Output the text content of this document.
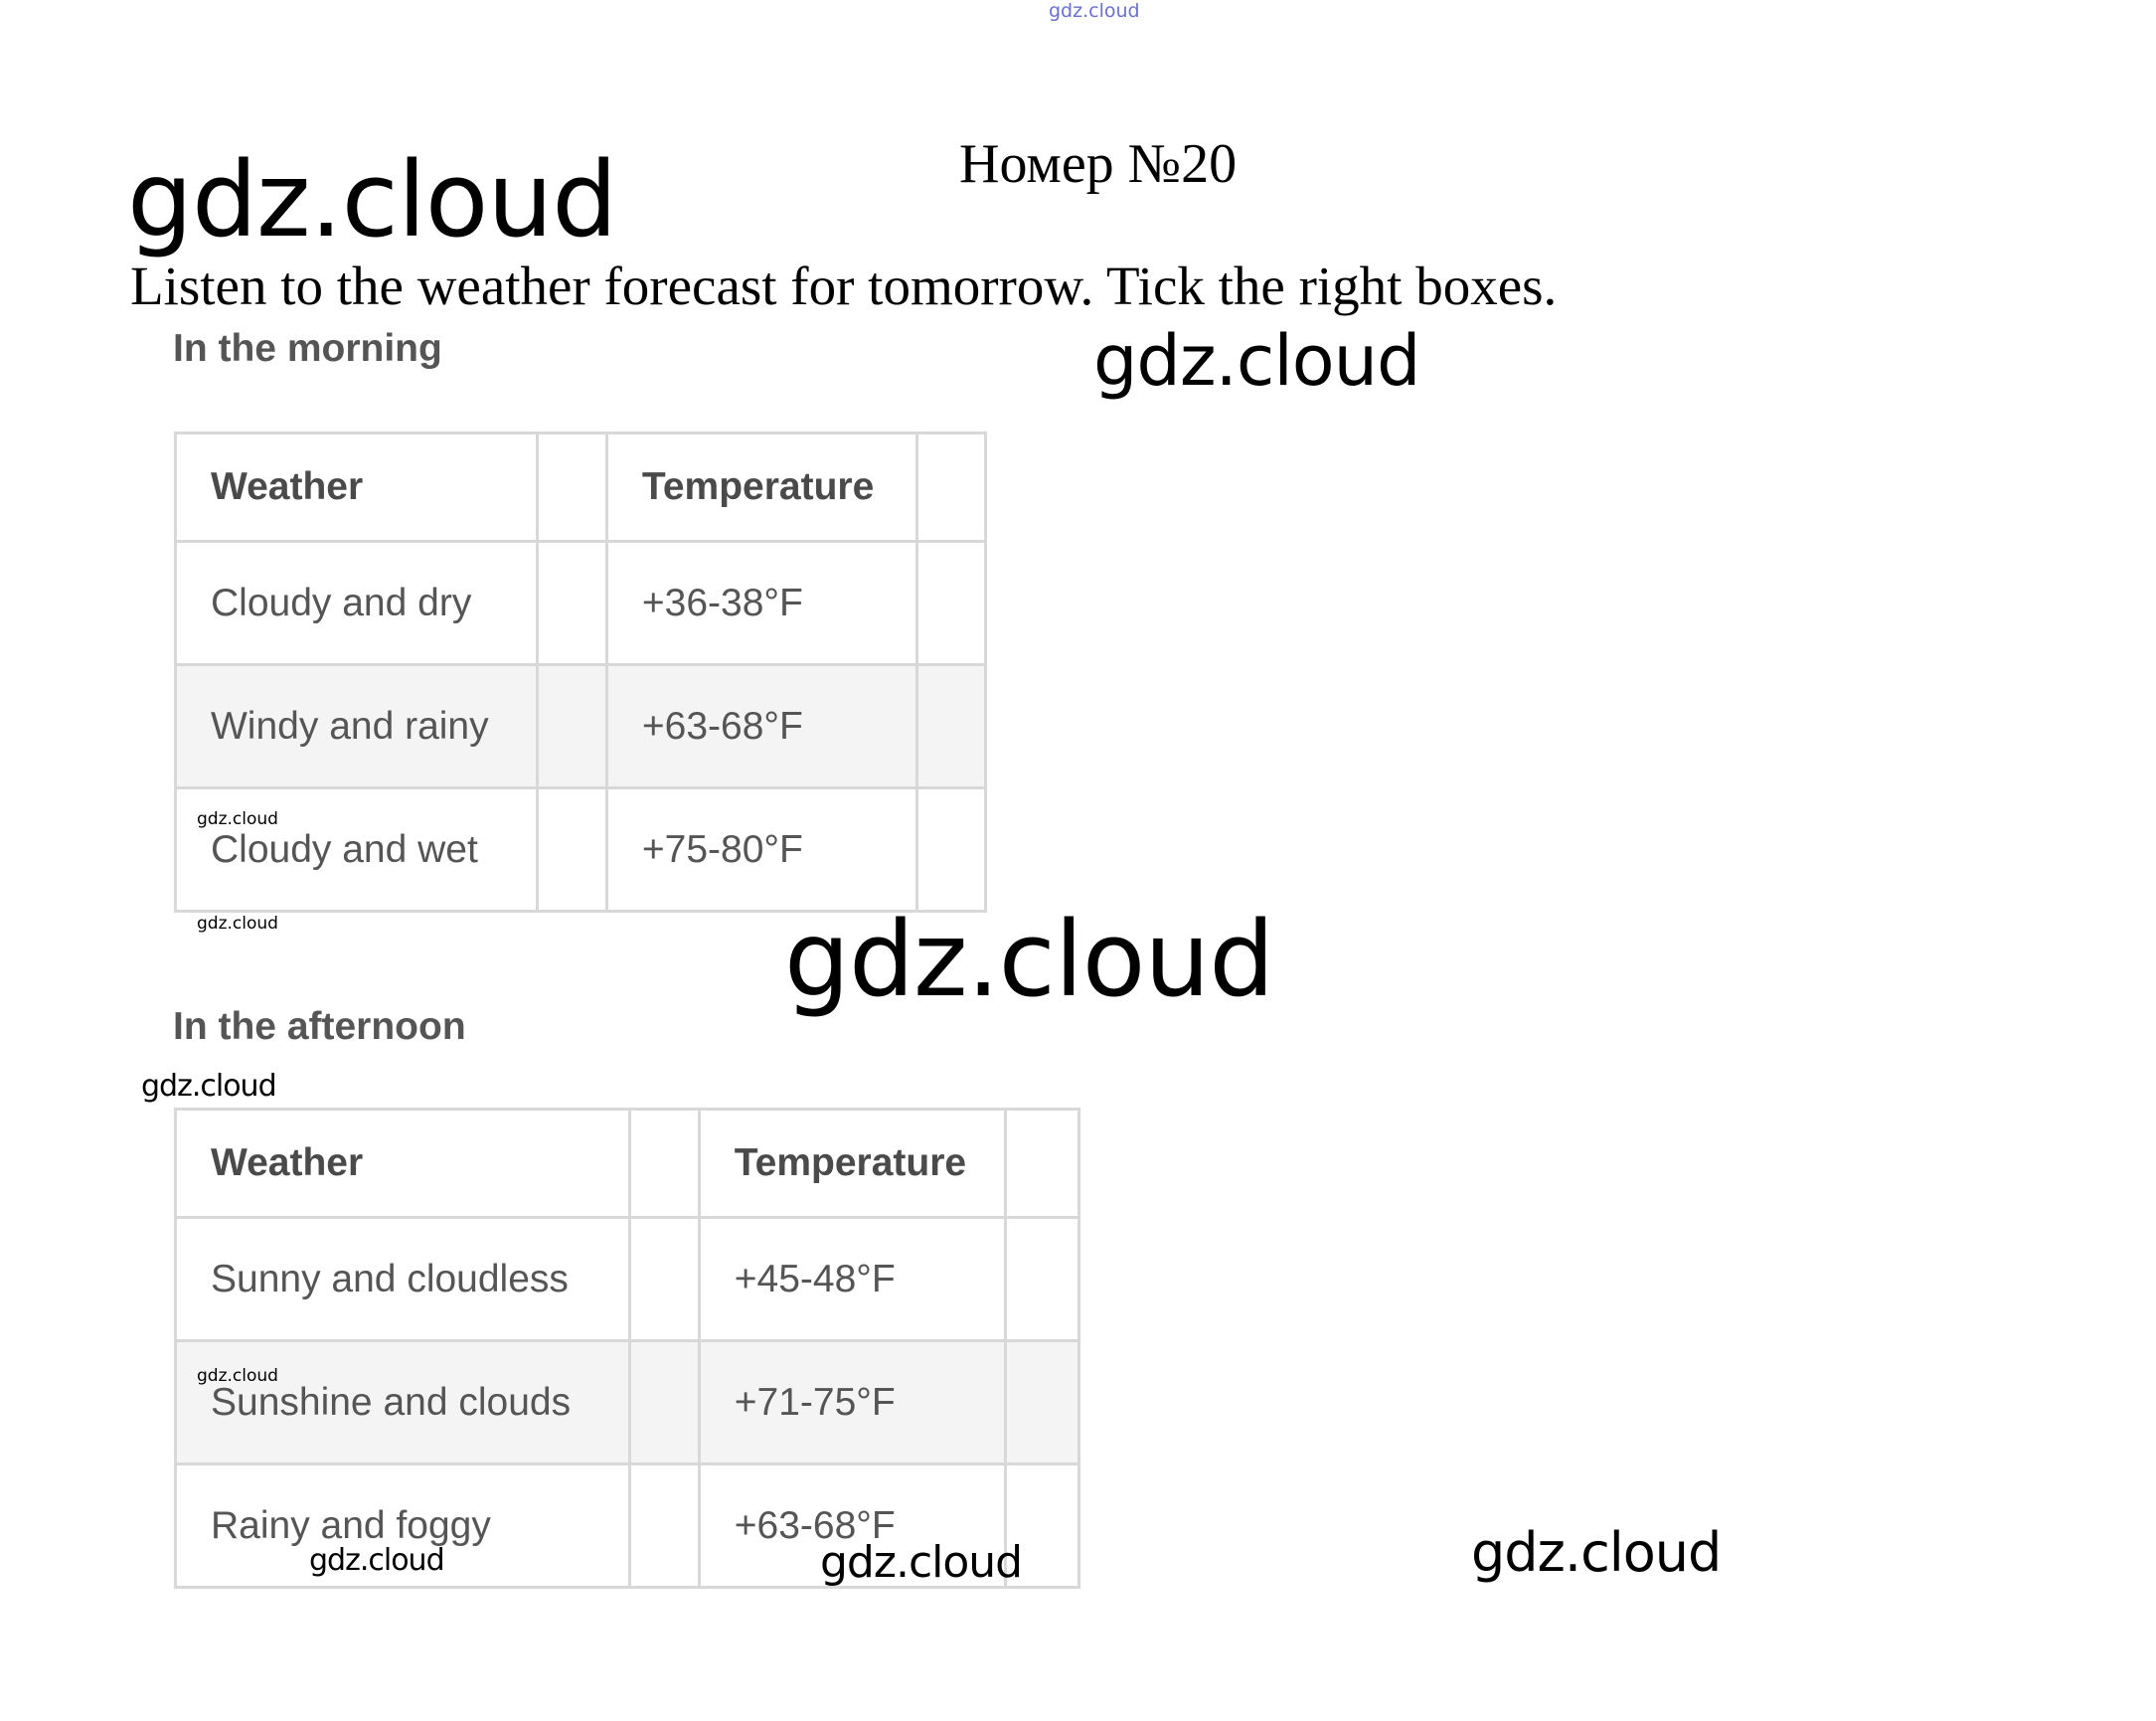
gdz.cloud
gdz.cloud	Номер №20
Listen to the weather forecast for tomorrow. Tick the right boxes.
In the morning	gdz.cloud
Weather		Temperature	
Cloudy and dry		+36-38°F	
Windy and rainy		+63-68°F	
Cloudy and wet		+75-80°F	
gdz.cloud
gdz.cloud	gdz.cloud
In the afternoon
gdz.cloud
Weather		Temperature	
Sunny and cloudless		+45-48°F	
Sunshine and clouds		+71-75°F	
Rainy and foggy		+63-68°F	
gdz.cloud
gdz.cloud	gdz.cloud	gdz.cloud
